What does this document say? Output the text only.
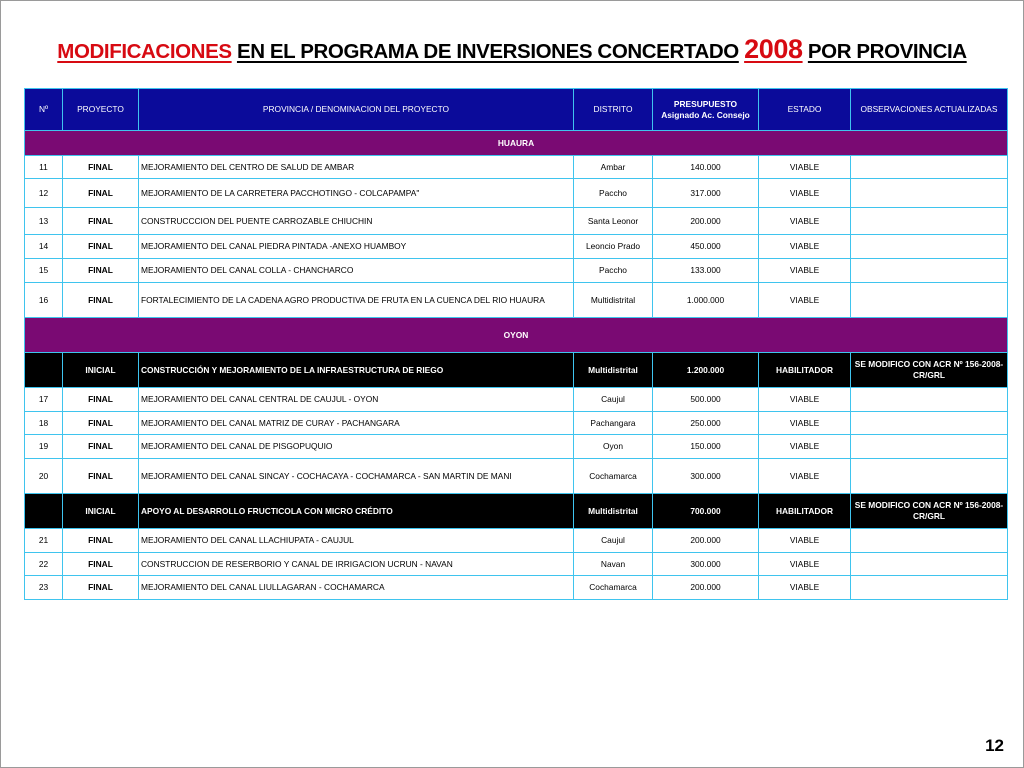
MODIFICACIONES EN EL PROGRAMA DE INVERSIONES CONCERTADO 2008 POR PROVINCIA
Nº	PROYECTO	PROVINCIA / DENOMINACION DEL PROYECTO	DISTRITO	PRESUPUESTO Asignado Ac. Consejo	ESTADO	OBSERVACIONES ACTUALIZADAS
HUAURA						
11	FINAL	MEJORAMIENTO DEL CENTRO DE SALUD DE AMBAR	Ambar	140.000	VIABLE	
12	FINAL	MEJORAMIENTO DE LA CARRETERA PACCHOTINGO - COLCAPAMPA"	Paccho	317.000	VIABLE	
13	FINAL	CONSTRUCCCION DEL PUENTE CARROZABLE CHIUCHIN	Santa Leonor	200.000	VIABLE	
14	FINAL	MEJORAMIENTO DEL CANAL PIEDRA PINTADA -ANEXO HUAMBOY	Leoncio Prado	450.000	VIABLE	
15	FINAL	MEJORAMIENTO DEL CANAL COLLA - CHANCHARCO	Paccho	133.000	VIABLE	
16	FINAL	FORTALECIMIENTO DE LA CADENA AGRO PRODUCTIVA DE FRUTA EN LA CUENCA DEL RIO HUAURA	Multidistrital	1.000.000	VIABLE	
OYON						
	INICIAL	CONSTRUCCIÓN Y MEJORAMIENTO DE LA INFRAESTRUCTURA DE RIEGO	Multidistrital	1.200.000	HABILITADOR	SE MODIFICO CON ACR Nº 156-2008-CR/GRL
17	FINAL	MEJORAMIENTO DEL CANAL CENTRAL DE CAUJUL - OYON	Caujul	500.000	VIABLE	
18	FINAL	MEJORAMIENTO DEL CANAL MATRIZ DE CURAY - PACHANGARA	Pachangara	250.000	VIABLE	
19	FINAL	MEJORAMIENTO DEL CANAL DE PISGOPUQUIO	Oyon	150.000	VIABLE	
20	FINAL	MEJORAMIENTO DEL CANAL SINCAY - COCHACAYA - COCHAMARCA - SAN MARTIN DE MANI	Cochamarca	300.000	VIABLE	
	INICIAL	APOYO AL DESARROLLO FRUCTICOLA CON MICRO CRÉDITO	Multidistrital	700.000	HABILITADOR	SE MODIFICO CON ACR Nº 156-2008-CR/GRL
21	FINAL	MEJORAMIENTO DEL CANAL LLACHIUPATA - CAUJUL	Caujul	200.000	VIABLE	
22	FINAL	CONSTRUCCION DE RESERBORIO Y CANAL DE IRRIGACION UCRUN - NAVAN	Navan	300.000	VIABLE	
23	FINAL	MEJORAMIENTO DEL CANAL LIULLAGARAN - COCHAMARCA	Cochamarca	200.000	VIABLE	
12
